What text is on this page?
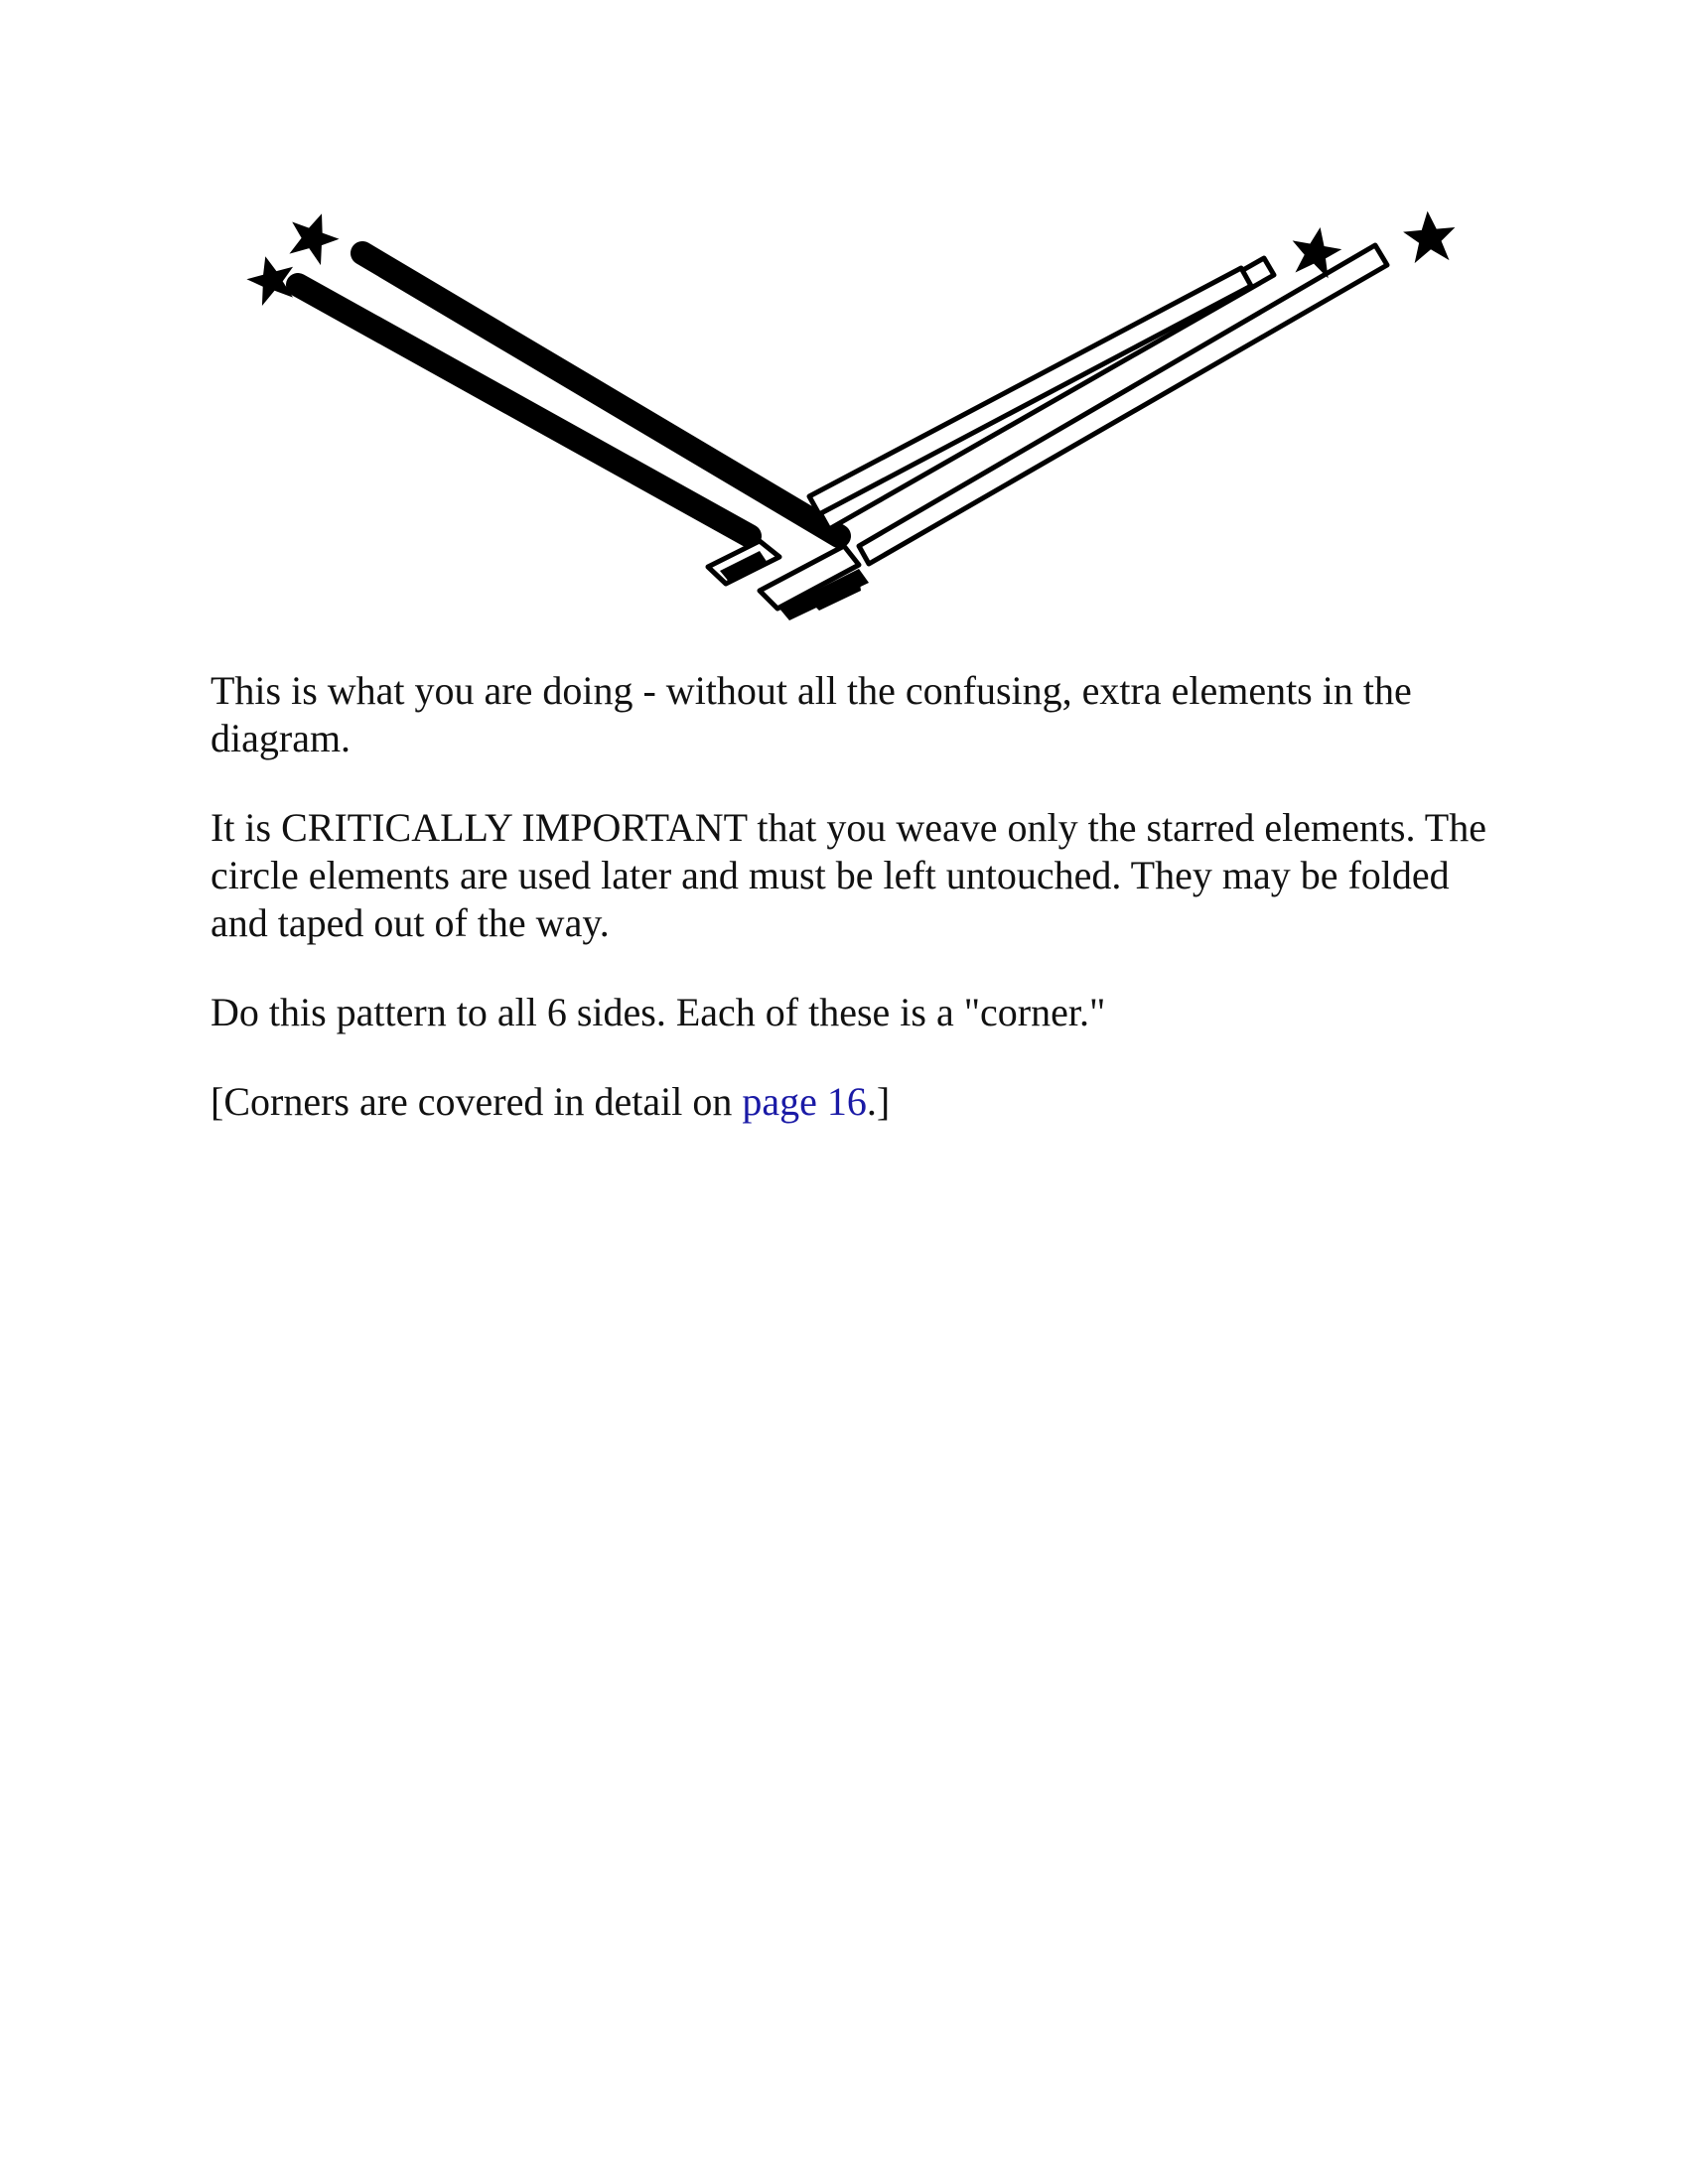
This is what you are doing - without all the confusing, extra elements in the diagram.

It is CRITICALLY IMPORTANT that you weave only the starred elements. The circle elements are used later and must be left untouched. They may be folded and taped out of the way.

Do this pattern to all 6 sides. Each of these is a "corner."

[Corners are covered in detail on page 16.]
